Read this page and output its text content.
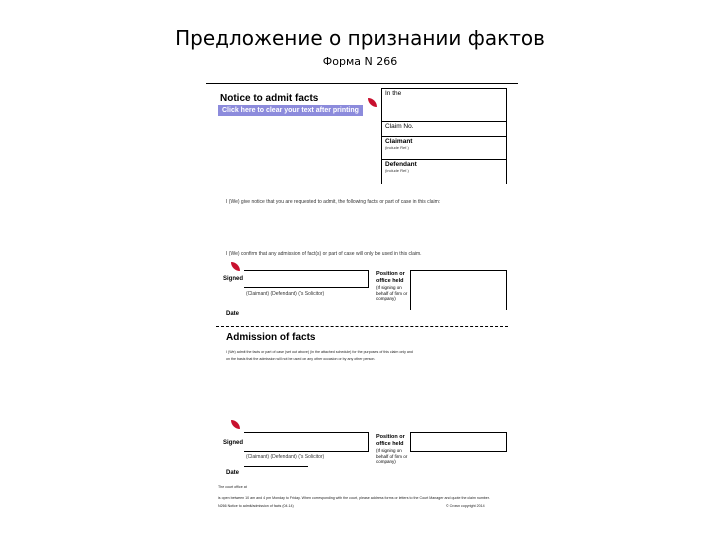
Предложение о признании фактов
Форма N 266
Notice to admit facts
Click here to clear your text after printing
In the
Claim No.
Claimant
(include Ref.)
Defendant
(include Ref.)
I (We) give notice that you are requested to admit, the following facts or part of case in this claim:
I (We) confirm that any admission of fact(s) or part of case will only be used in this claim.
Signed
(Claimant) (Defendant) ('s Solicitor)
Position or office held
(If signing on behalf of firm or company)
Date
Admission of facts
I (We) admit the facts or part of case (set out above) (in the attached schedule) for the purposes of this claim only and
on the basis that the admission will not be used on any other occasion or by any other person.
Signed
(Claimant) (Defendant) ('s Solicitor)
Position or office held
(If signing on behalf of firm or company)
Date
The court office at
is open between 10 am and 4 pm Monday to Friday. When corresponding with the court, please address forms or letters to the Court Manager and quote the claim number.
N266 Notice to admit/admission of facts (04.14)	© Crown copyright 2014
